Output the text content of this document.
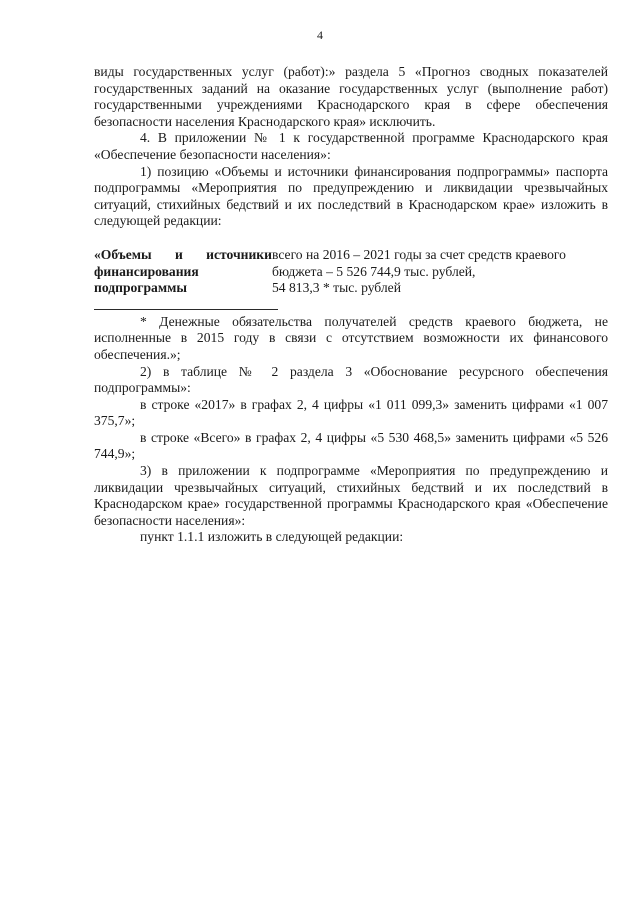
4

виды государственных услуг (работ):» раздела 5 «Прогноз сводных показателей государственных заданий на оказание государственных услуг (выполнение работ) государственными учреждениями Краснодарского края в сфере обеспечения безопасности населения Краснодарского края» исключить.

4. В приложении № 1 к государственной программе Краснодарского края «Обеспечение безопасности населения»:

1) позицию «Объемы и источники финансирования подпрограммы» паспорта подпрограммы «Мероприятия по предупреждению и ликвидации чрезвычайных ситуаций, стихийных бедствий и их последствий в Краснодарском крае» изложить в следующей редакции:

«Объемы и источники
финансирования
подпрограммы
всего на 2016 – 2021 годы за счет средств краевого
бюджета – 5 526 744,9 тыс. рублей,
54 813,3 * тыс. рублей

* Денежные обязательства получателей средств краевого бюджета, не исполненные в 2015 году в связи с отсутствием возможности их финансового обеспечения.»;

2) в таблице № 2 раздела 3 «Обоснование ресурсного обеспечения подпрограммы»:

в строке «2017» в графах 2, 4 цифры «1 011 099,3» заменить цифрами «1 007 375,7»;

в строке «Всего» в графах 2, 4 цифры «5 530 468,5» заменить цифрами «5 526 744,9»;

3) в приложении к подпрограмме «Мероприятия по предупреждению и ликвидации чрезвычайных ситуаций, стихийных бедствий и их последствий в Краснодарском крае» государственной программы Краснодарского края «Обеспечение безопасности населения»:

пункт 1.1.1 изложить в следующей редакции:
